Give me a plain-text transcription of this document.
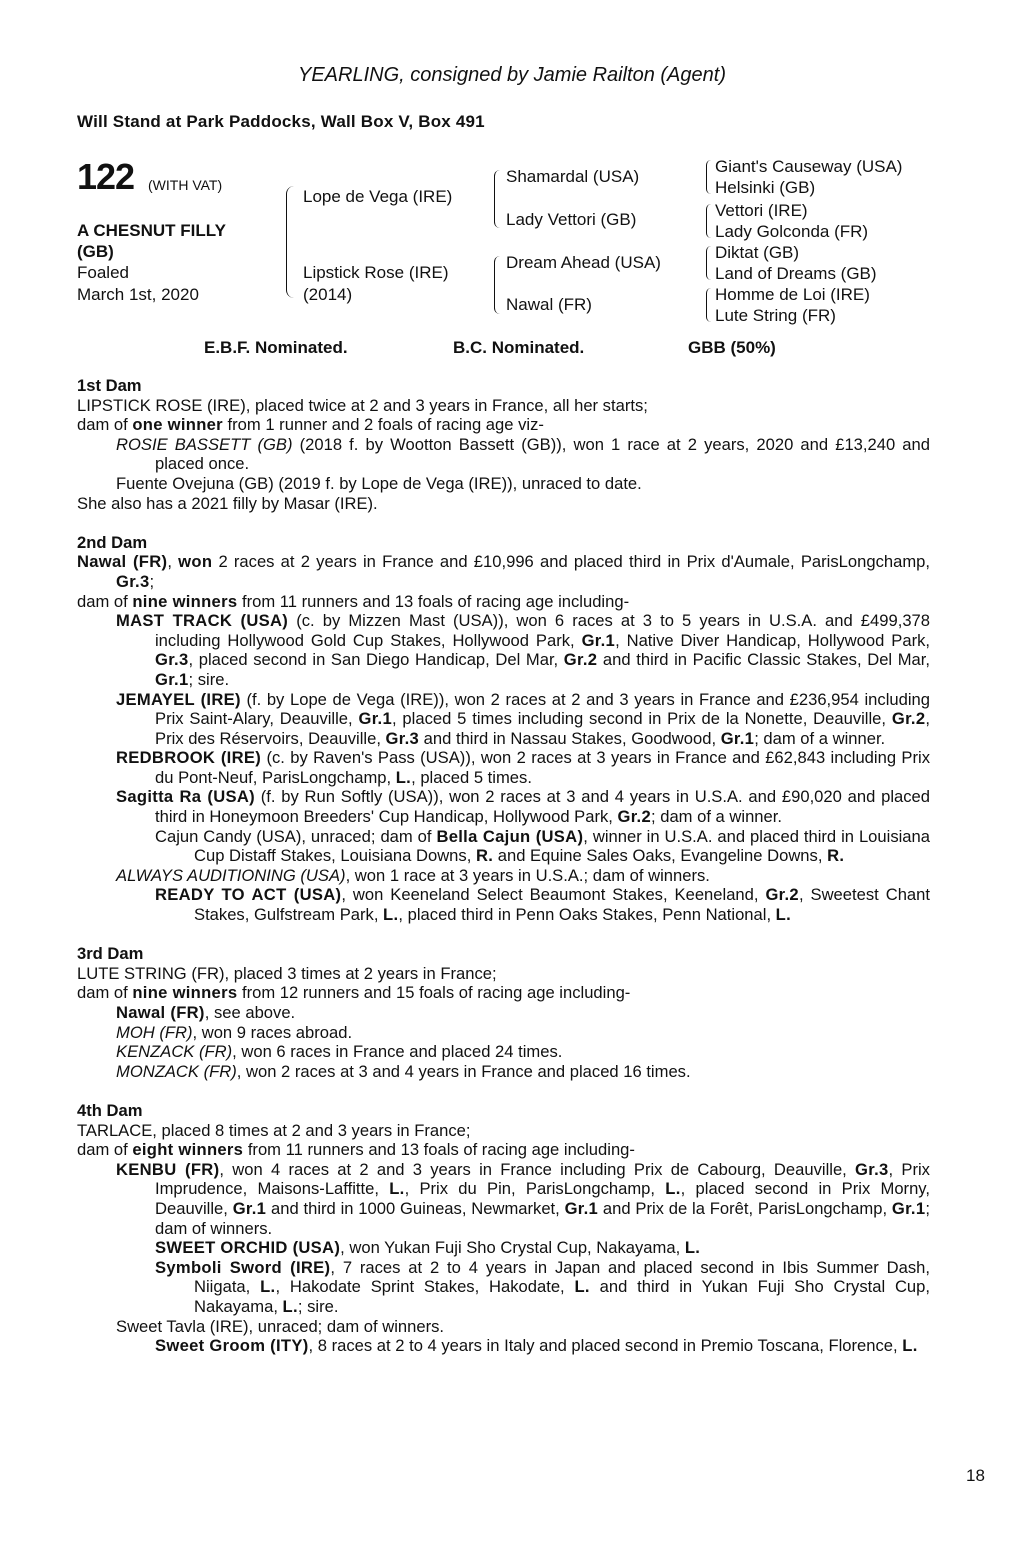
YEARLING, consigned by Jamie Railton (Agent)
Will Stand at Park Paddocks, Wall Box V, Box 491
122 (WITH VAT)
A CHESNUT FILLY
(GB)
Foaled
March 1st, 2020
Lope de Vega (IRE)
Lipstick Rose (IRE)
(2014)
Shamardal (USA)
Lady Vettori (GB)
Dream Ahead (USA)
Nawal (FR)
Giant's Causeway (USA)
Helsinki (GB)
Vettori (IRE)
Lady Golconda (FR)
Diktat (GB)
Land of Dreams (GB)
Homme de Loi (IRE)
Lute String (FR)
E.B.F. Nominated.	B.C. Nominated.	GBB (50%)
1st Dam
LIPSTICK ROSE (IRE), placed twice at 2 and 3 years in France, all her starts;
dam of one winner from 1 runner and 2 foals of racing age viz-
ROSIE BASSETT (GB) (2018 f. by Wootton Bassett (GB)), won 1 race at 2 years, 2020 and £13,240 and placed once.
Fuente Ovejuna (GB) (2019 f. by Lope de Vega (IRE)), unraced to date.
She also has a 2021 filly by Masar (IRE).
2nd Dam
Nawal (FR), won 2 races at 2 years in France and £10,996 and placed third in Prix d'Aumale, ParisLongchamp, Gr.3;
dam of nine winners from 11 runners and 13 foals of racing age including-
MAST TRACK (USA) (c. by Mizzen Mast (USA)), won 6 races at 3 to 5 years in U.S.A. and £499,378 including Hollywood Gold Cup Stakes, Hollywood Park, Gr.1, Native Diver Handicap, Hollywood Park, Gr.3, placed second in San Diego Handicap, Del Mar, Gr.2 and third in Pacific Classic Stakes, Del Mar, Gr.1; sire.
JEMAYEL (IRE) (f. by Lope de Vega (IRE)), won 2 races at 2 and 3 years in France and £236,954 including Prix Saint-Alary, Deauville, Gr.1, placed 5 times including second in Prix de la Nonette, Deauville, Gr.2, Prix des Réservoirs, Deauville, Gr.3 and third in Nassau Stakes, Goodwood, Gr.1; dam of a winner.
REDBROOK (IRE) (c. by Raven's Pass (USA)), won 2 races at 3 years in France and £62,843 including Prix du Pont-Neuf, ParisLongchamp, L., placed 5 times.
Sagitta Ra (USA) (f. by Run Softly (USA)), won 2 races at 3 and 4 years in U.S.A. and £90,020 and placed third in Honeymoon Breeders' Cup Handicap, Hollywood Park, Gr.2; dam of a winner.
Cajun Candy (USA), unraced; dam of Bella Cajun (USA), winner in U.S.A. and placed third in Louisiana Cup Distaff Stakes, Louisiana Downs, R. and Equine Sales Oaks, Evangeline Downs, R.
ALWAYS AUDITIONING (USA), won 1 race at 3 years in U.S.A.; dam of winners.
READY TO ACT (USA), won Keeneland Select Beaumont Stakes, Keeneland, Gr.2, Sweetest Chant Stakes, Gulfstream Park, L., placed third in Penn Oaks Stakes, Penn National, L.
3rd Dam
LUTE STRING (FR), placed 3 times at 2 years in France;
dam of nine winners from 12 runners and 15 foals of racing age including-
Nawal (FR), see above.
MOH (FR), won 9 races abroad.
KENZACK (FR), won 6 races in France and placed 24 times.
MONZACK (FR), won 2 races at 3 and 4 years in France and placed 16 times.
4th Dam
TARLACE, placed 8 times at 2 and 3 years in France;
dam of eight winners from 11 runners and 13 foals of racing age including-
KENBU (FR), won 4 races at 2 and 3 years in France including Prix de Cabourg, Deauville, Gr.3, Prix Imprudence, Maisons-Laffitte, L., Prix du Pin, ParisLongchamp, L., placed second in Prix Morny, Deauville, Gr.1 and third in 1000 Guineas, Newmarket, Gr.1 and Prix de la Forêt, ParisLongchamp, Gr.1; dam of winners.
SWEET ORCHID (USA), won Yukan Fuji Sho Crystal Cup, Nakayama, L.
Symboli Sword (IRE), 7 races at 2 to 4 years in Japan and placed second in Ibis Summer Dash, Niigata, L., Hakodate Sprint Stakes, Hakodate, L. and third in Yukan Fuji Sho Crystal Cup, Nakayama, L.; sire.
Sweet Tavla (IRE), unraced; dam of winners.
Sweet Groom (ITY), 8 races at 2 to 4 years in Italy and placed second in Premio Toscana, Florence, L.
18
